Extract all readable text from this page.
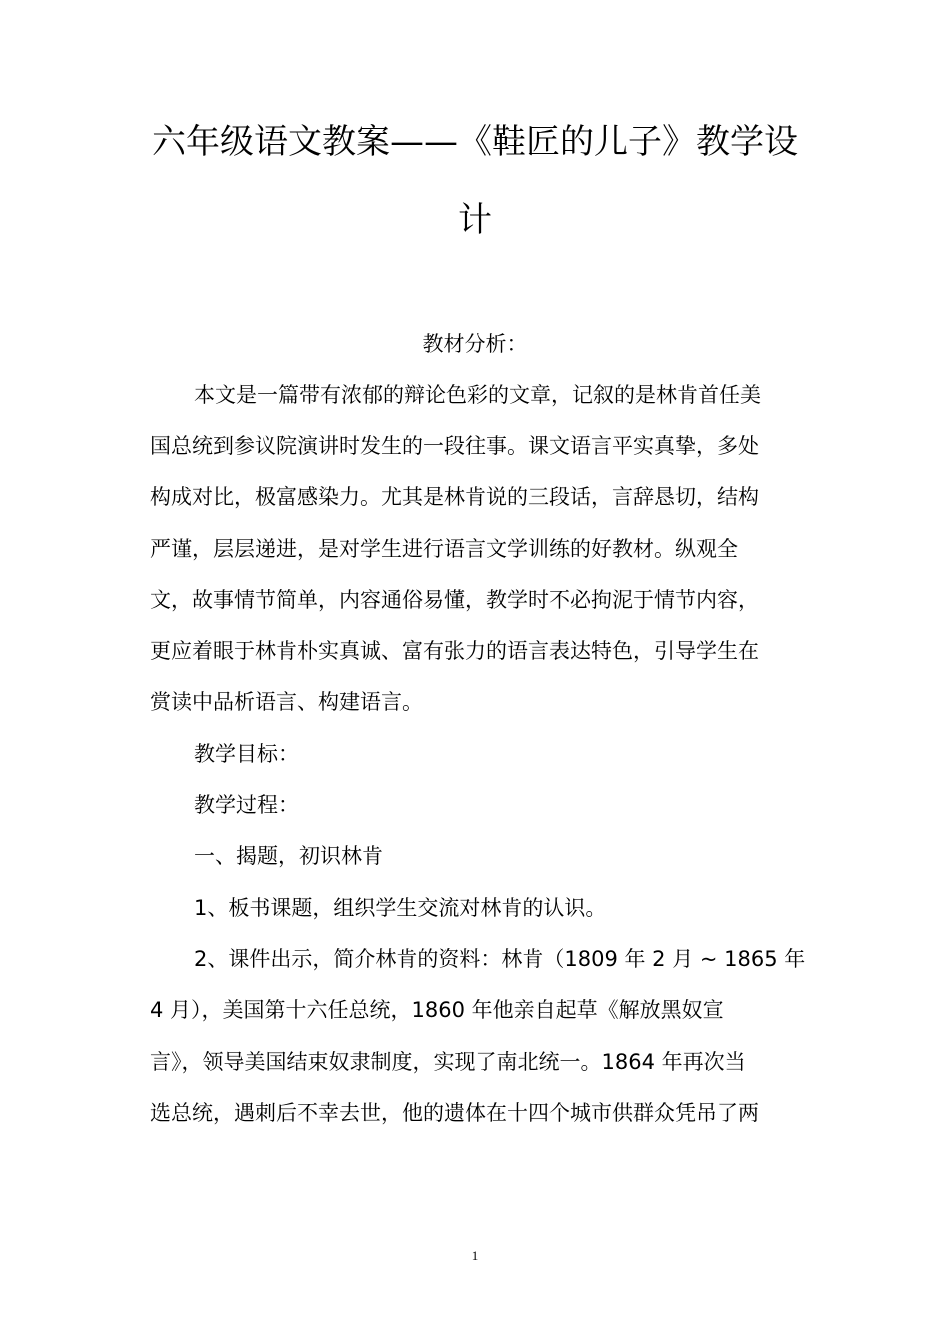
六年级语文教案——《鞋匠的儿子》教学设
计
教材分析：

本文是一篇带有浓郁的辩论色彩的文章，记叙的是林肯首任美

国总统到参议院演讲时发生的一段往事。课文语言平实真挚，多处

构成对比，极富感染力。尤其是林肯说的三段话，言辞恳切，结构

严谨，层层递进，是对学生进行语言文学训练的好教材。纵观全

文，故事情节简单，内容通俗易懂，教学时不必拘泥于情节内容，

更应着眼于林肯朴实真诚、富有张力的语言表达特色，引导学生在

赏读中品析语言、构建语言。

教学目标：

教学过程：

一、揭题，初识林肯

1、板书课题，组织学生交流对林肯的认识。

2、课件出示，简介林肯的资料：林肯（1809 年 2 月 ~ 1865 年

4 月），美国第十六任总统，1860 年他亲自起草《解放黑奴宣

言》，领导美国结束奴隶制度，实现了南北统一。1864 年再次当

选总统，遇刺后不幸去世，他的遗体在十四个城市供群众凭吊了两

1
